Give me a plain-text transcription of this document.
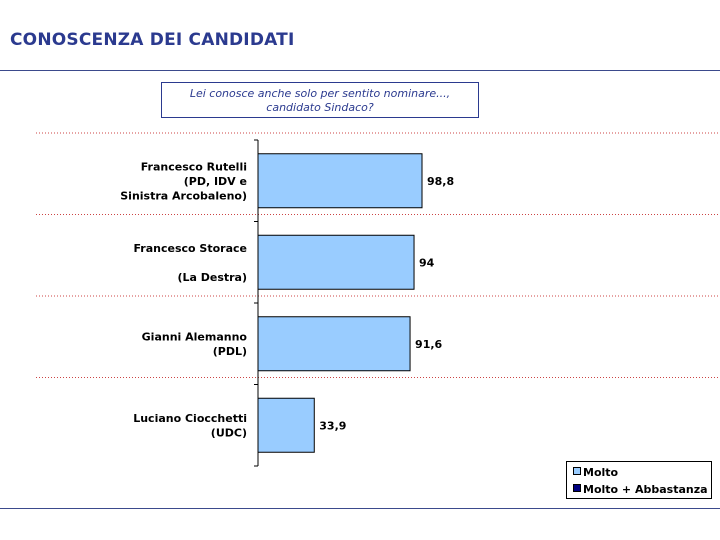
CONOSCENZA DEI CANDIDATI
Lei conosce anche solo per sentito nominare...,
candidato Sindaco?
98,8
Francesco Rutelli
(PD, IDV e
Sinistra Arcobaleno)
94
Francesco Storace
(La Destra)
91,6
Gianni Alemanno
(PDL)
33,9
Luciano Ciocchetti
(UDC)
Molto
Molto + Abbastanza
